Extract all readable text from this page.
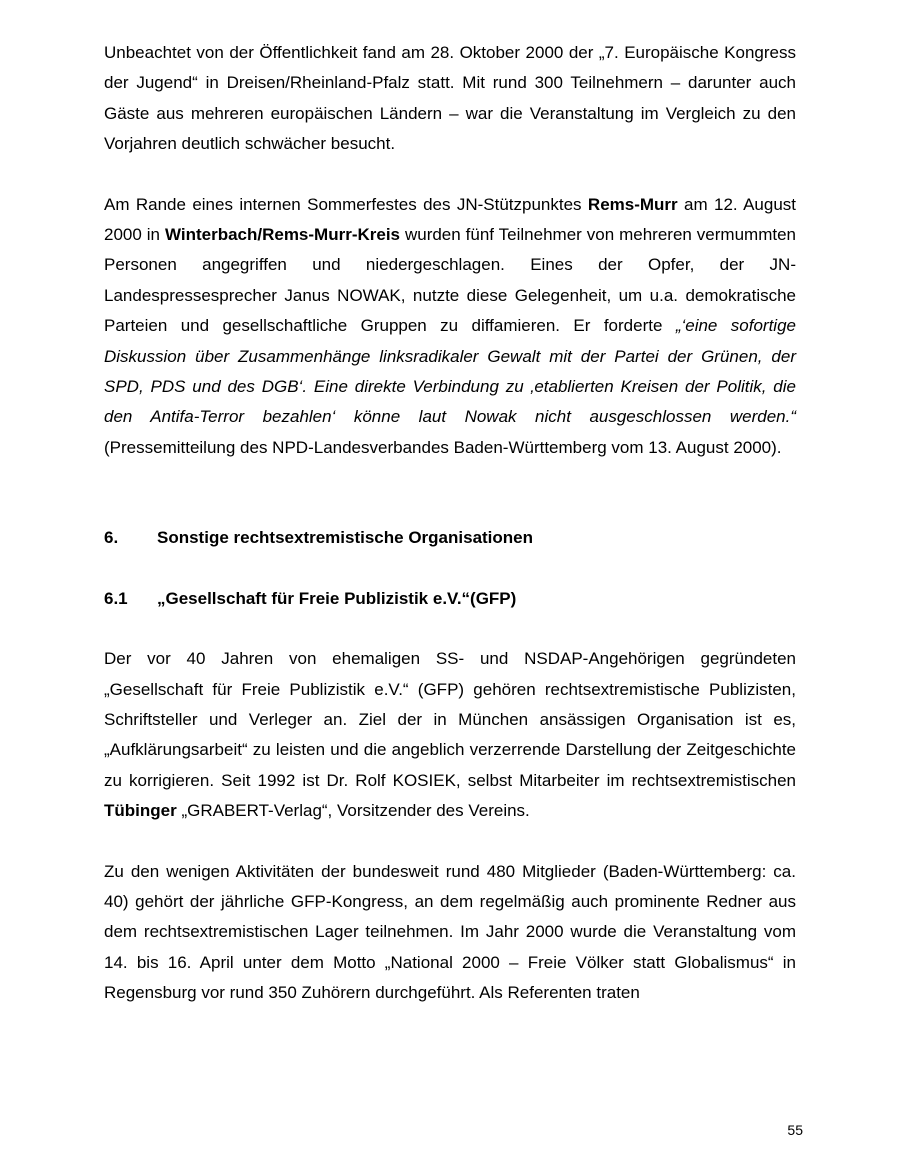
Unbeachtet von der Öffentlichkeit fand am 28. Oktober 2000 der „7. Europäische Kongress der Jugend“ in Dreisen/Rheinland-Pfalz statt. Mit rund 300 Teilnehmern – darunter auch Gäste aus mehreren europäischen Ländern – war die Veranstaltung im Vergleich zu den Vorjahren deutlich schwächer besucht.

Am Rande eines internen Sommerfestes des JN-Stützpunktes Rems-Murr am 12. August 2000 in Winterbach/Rems-Murr-Kreis wurden fünf Teilnehmer von mehreren vermummten Personen angegriffen und niedergeschlagen. Eines der Opfer, der JN-Landespressesprecher Janus NOWAK, nutzte diese Gelegenheit, um u.a. demokratische Parteien und gesellschaftliche Gruppen zu diffamieren. Er forderte „‘eine sofortige Diskussion über Zusammenhänge linksradikaler Gewalt mit der Partei der Grünen, der SPD, PDS und des DGB‘. Eine direkte Verbindung zu ‚etablierten Kreisen der Politik, die den Antifa-Terror bezahlen‘ könne laut Nowak nicht ausgeschlossen werden.“ (Pressemitteilung des NPD-Landesverbandes Baden-Württemberg vom 13. August 2000).

6.	Sonstige rechtsextremistische Organisationen
6.1	„Gesellschaft für Freie Publizistik e.V.“(GFP)

Der vor 40 Jahren von ehemaligen SS- und NSDAP-Angehörigen gegründeten „Gesellschaft für Freie Publizistik e.V.“ (GFP) gehören rechtsextremistische Publizisten, Schriftsteller und Verleger an. Ziel der in München ansässigen Organisation ist es, „Aufklärungsarbeit“ zu leisten und die angeblich verzerrende Darstellung der Zeitgeschichte zu korrigieren. Seit 1992 ist Dr. Rolf KOSIEK, selbst Mitarbeiter im rechtsextremistischen Tübinger „GRABERT-Verlag“, Vorsitzender des Vereins.

Zu den wenigen Aktivitäten der bundesweit rund 480 Mitglieder (Baden-Württemberg: ca. 40) gehört der jährliche GFP-Kongress, an dem regelmäßig auch prominente Redner aus dem rechtsextremistischen Lager teilnehmen. Im Jahr 2000 wurde die Veranstaltung vom 14. bis 16. April unter dem Motto „National 2000 – Freie Völker statt Globalismus“ in Regensburg vor rund 350 Zuhörern durchgeführt. Als Referenten traten

55
